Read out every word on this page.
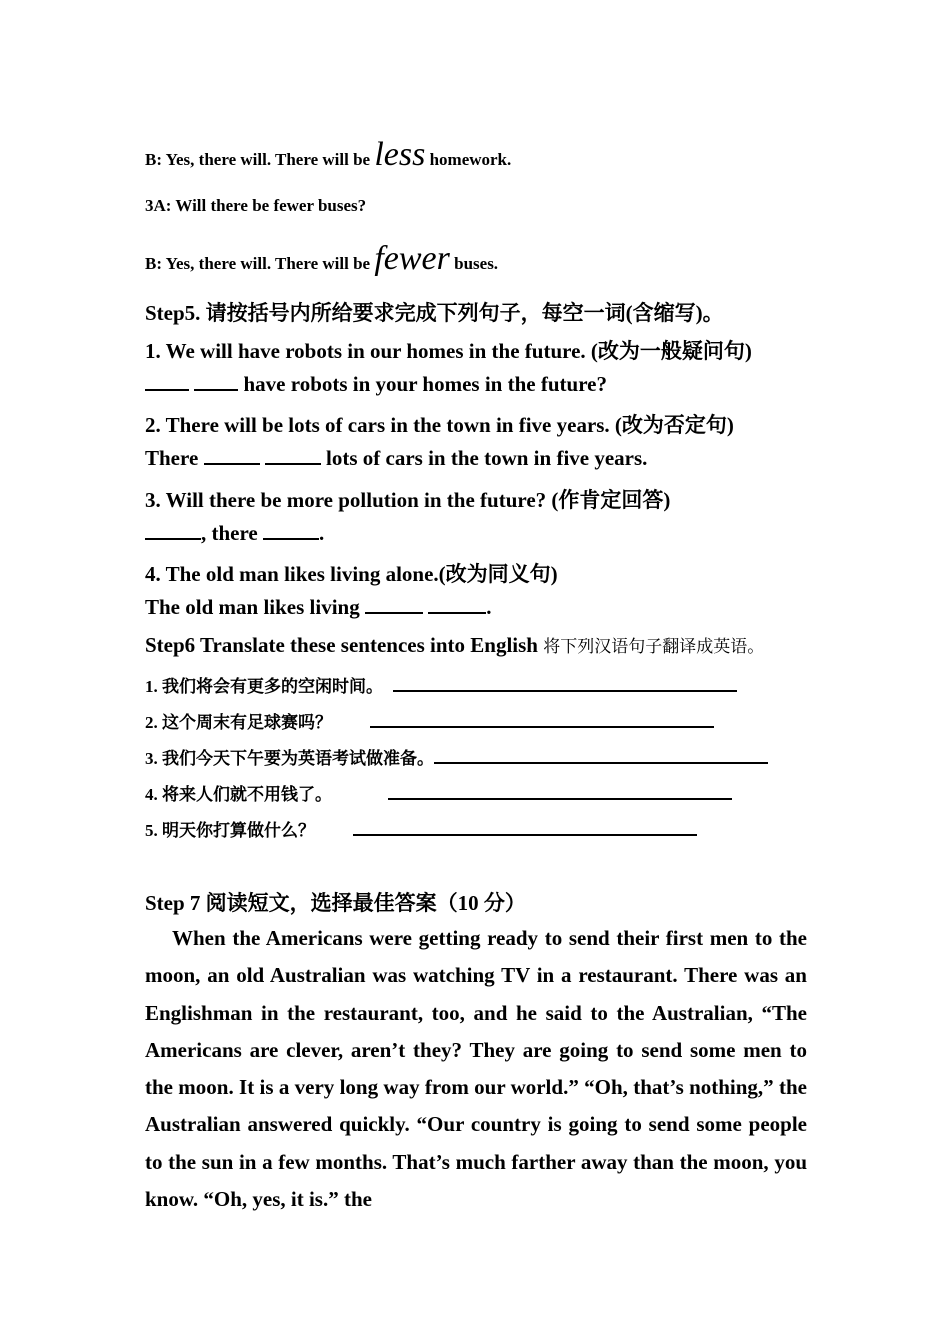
B: Yes, there will. There will be less homework.
3A: Will there be fewer buses?
B: Yes, there will. There will be fewer buses.
Step5. 请按括号内所给要求完成下列句子，每空一词(含缩写)。
1. We will have robots in our homes in the future. (改为一般疑问句)
have robots in your homes in the future?
2. There will be lots of cars in the town in five years. (改为否定句)
There	lots of cars in the town in five years.
3. Will there be more pollution in the future? (作肯定回答)
, there	.
4. The old man likes living alone.(改为同义句)
The old man likes living	.
Step6 Translate these sentences into English 将下列汉语句子翻译成英语。
1. 我们将会有更多的空闲时间。
2. 这个周末有足球赛吗？
3. 我们今天下午要为英语考试做准备。
4. 将来人们就不用钱了。
5. 明天你打算做什么？
Step 7 阅读短文，选择最佳答案（10 分）
When the Americans were getting ready to send their first men to the moon, an old Australian was watching TV in a restaurant. There was an Englishman in the restaurant, too, and he said to the Australian, “The Americans are clever, aren’t they? They are going to send some men to the moon. It is a very long way from our world.” “Oh, that’s nothing,” the Australian answered quickly. “Our country is going to send some people to the sun in a few months. That’s much farther away than the moon, you know. “Oh, yes, it is.” the
